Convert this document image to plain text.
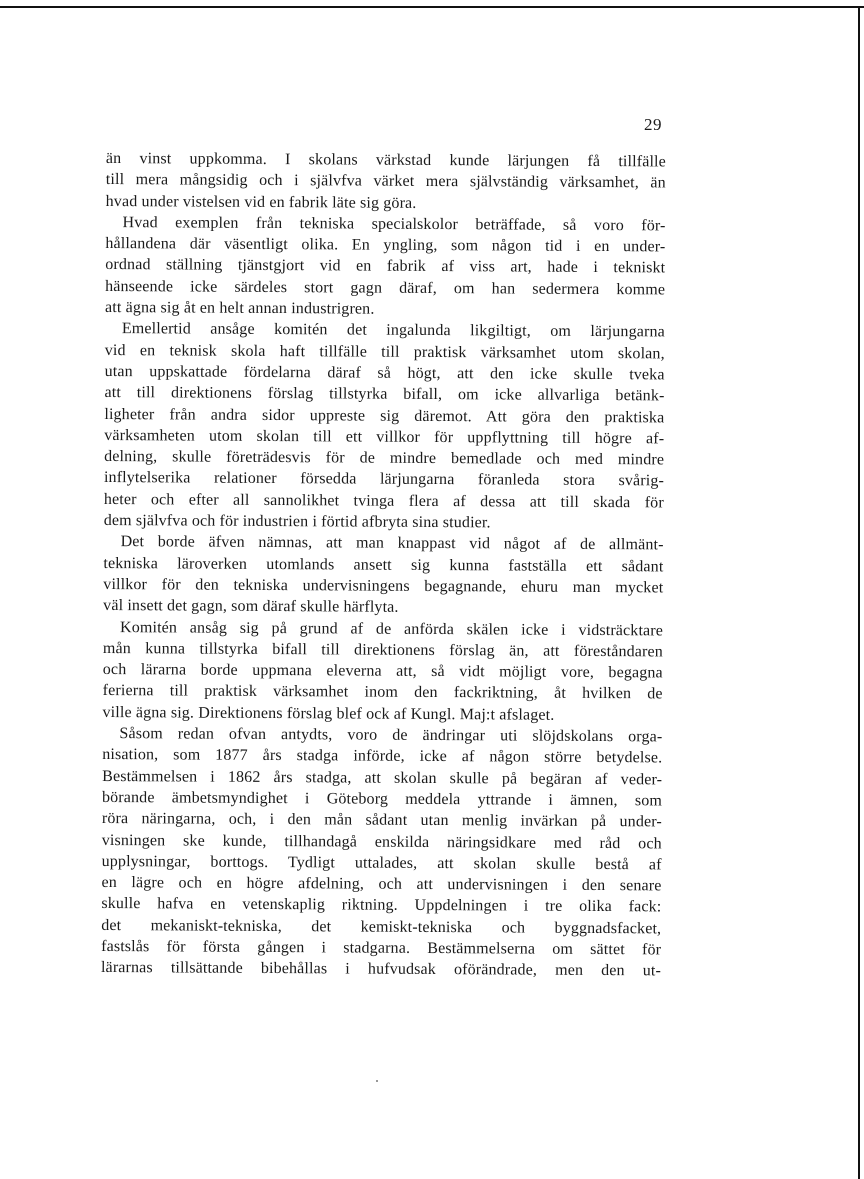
29
än vinst uppkomma. I skolans värkstad kunde lärjungen få tillfälle
till mera mångsidig och i självfva värket mera självständig värksamhet, än
hvad under vistelsen vid en fabrik läte sig göra.
Hvad exemplen från tekniska specialskolor beträffade, så voro för-
hållandena där väsentligt olika. En yngling, som någon tid i en under-
ordnad ställning tjänstgjort vid en fabrik af viss art, hade i tekniskt
hänseende icke särdeles stort gagn däraf, om han sedermera komme
att ägna sig åt en helt annan industrigren.
Emellertid ansåge komitén det ingalunda likgiltigt, om lärjungarna
vid en teknisk skola haft tillfälle till praktisk värksamhet utom skolan,
utan uppskattade fördelarna däraf så högt, att den icke skulle tveka
att till direktionens förslag tillstyrka bifall, om icke allvarliga betänk-
ligheter från andra sidor uppreste sig däremot. Att göra den praktiska
värksamheten utom skolan till ett villkor för uppflyttning till högre af-
delning, skulle företrädesvis för de mindre bemedlade och med mindre
inflytelserika relationer försedda lärjungarna föranleda stora svårig-
heter och efter all sannolikhet tvinga flera af dessa att till skada för
dem självfva och för industrien i förtid afbryta sina studier.
Det borde äfven nämnas, att man knappast vid något af de allmänt-
tekniska läroverken utomlands ansett sig kunna fastställa ett sådant
villkor för den tekniska undervisningens begagnande, ehuru man mycket
väl insett det gagn, som däraf skulle härflyta.
Komitén ansåg sig på grund af de anförda skälen icke i vidsträcktare
mån kunna tillstyrka bifall till direktionens förslag än, att föreståndaren
och lärarna borde uppmana eleverna att, så vidt möjligt vore, begagna
ferierna till praktisk värksamhet inom den fackriktning, åt hvilken de
ville ägna sig. Direktionens förslag blef ock af Kungl. Maj:t afslaget.
Såsom redan ofvan antydts, voro de ändringar uti slöjdskolans orga-
nisation, som 1877 års stadga införde, icke af någon större betydelse.
Bestämmelsen i 1862 års stadga, att skolan skulle på begäran af veder-
börande ämbetsmyndighet i Göteborg meddela yttrande i ämnen, som
röra näringarna, och, i den mån sådant utan menlig invärkan på under-
visningen ske kunde, tillhandagå enskilda näringsidkare med råd och
upplysningar, borttogs. Tydligt uttalades, att skolan skulle bestå af
en lägre och en högre afdelning, och att undervisningen i den senare
skulle hafva en vetenskaplig riktning. Uppdelningen i tre olika fack:
det mekaniskt-tekniska, det kemiskt-tekniska och byggnadsfacket,
fastslås för första gången i stadgarna. Bestämmelserna om sättet för
lärarnas tillsättande bibehållas i hufvudsak oförändrade, men den ut-
